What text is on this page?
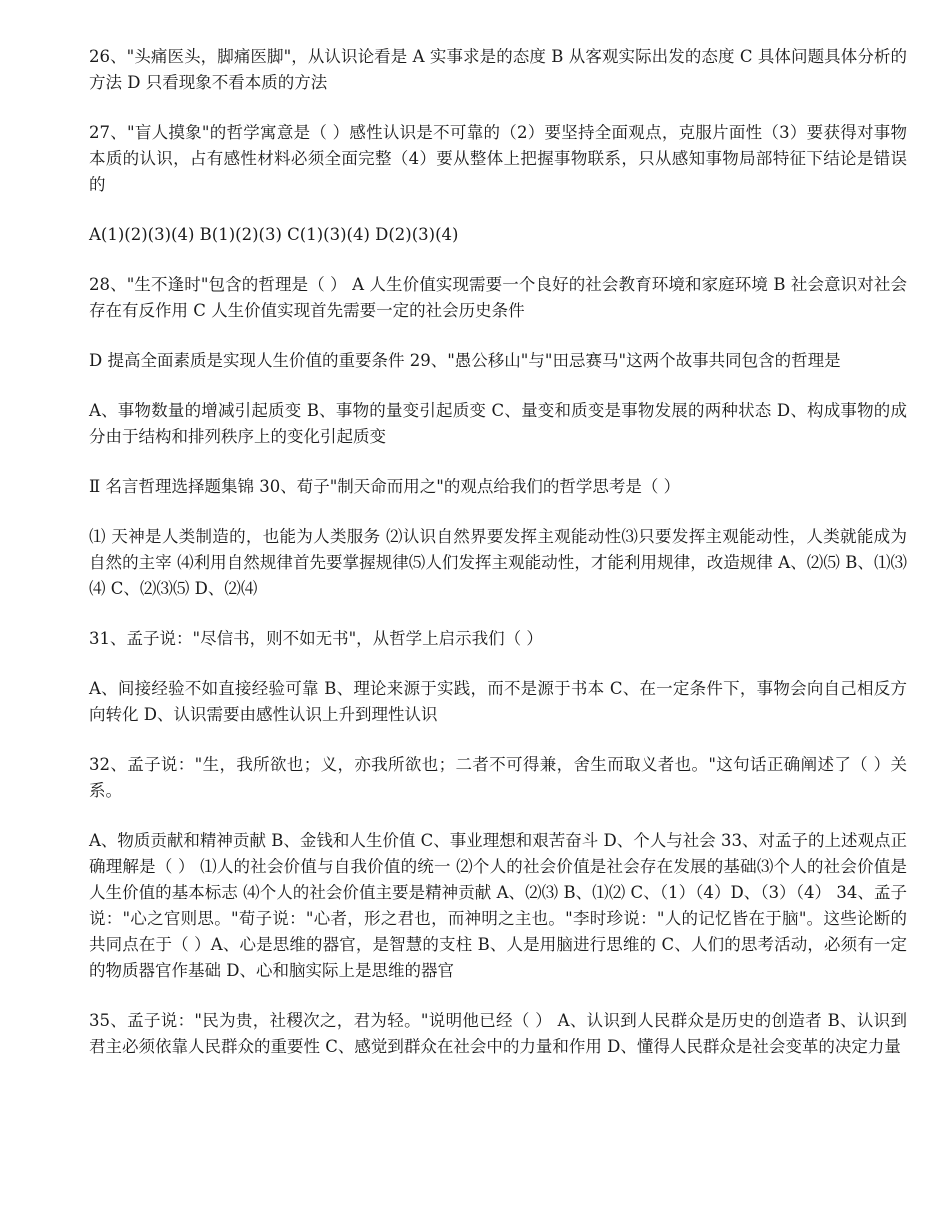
26、"头痛医头，脚痛医脚"，从认识论看是 A 实事求是的态度 B 从客观实际出发的态度 C 具体问题具体分析的方法 D 只看现象不看本质的方法

27、"盲人摸象"的哲学寓意是（ ）感性认识是不可靠的（2）要坚持全面观点，克服片面性（3）要获得对事物本质的认识，占有感性材料必须全面完整（4）要从整体上把握事物联系，只从感知事物局部特征下结论是错误的

A(1)(2)(3)(4) B(1)(2)(3) C(1)(3)(4) D(2)(3)(4)

28、"生不逢时"包含的哲理是（ ） A 人生价值实现需要一个良好的社会教育环境和家庭环境 B 社会意识对社会存在有反作用 C 人生价值实现首先需要一定的社会历史条件

D 提高全面素质是实现人生价值的重要条件 29、"愚公移山"与"田忌赛马"这两个故事共同包含的哲理是

A、事物数量的增减引起质变 B、事物的量变引起质变 C、量变和质变是事物发展的两种状态 D、构成事物的成分由于结构和排列秩序上的变化引起质变

Ⅱ 名言哲理选择题集锦 30、荀子"制天命而用之"的观点给我们的哲学思考是（ ）

⑴ 天神是人类制造的，也能为人类服务 ⑵认识自然界要发挥主观能动性⑶只要发挥主观能动性，人类就能成为自然的主宰 ⑷利用自然规律首先要掌握规律⑸人们发挥主观能动性，才能利用规律，改造规律 A、⑵⑸ B、⑴⑶⑷ C、⑵⑶⑸ D、⑵⑷

31、孟子说："尽信书，则不如无书"，从哲学上启示我们（ ）

A、间接经验不如直接经验可靠 B、理论来源于实践，而不是源于书本 C、在一定条件下，事物会向自己相反方向转化 D、认识需要由感性认识上升到理性认识

32、孟子说："生，我所欲也；义，亦我所欲也；二者不可得兼，舍生而取义者也。"这句话正确阐述了（ ）关系。

A、物质贡献和精神贡献 B、金钱和人生价值 C、事业理想和艰苦奋斗 D、个人与社会 33、对孟子的上述观点正确理解是（ ） ⑴人的社会价值与自我价值的统一 ⑵个人的社会价值是社会存在发展的基础⑶个人的社会价值是人生价值的基本标志 ⑷个人的社会价值主要是精神贡献 A、⑵⑶ B、⑴⑵ C、（1）（4）D、（3）（4） 34、孟子说："心之官则思。"荀子说："心者，形之君也，而神明之主也。"李时珍说："人的记忆皆在于脑"。这些论断的共同点在于（ ）A、心是思维的器官，是智慧的支柱 B、人是用脑进行思维的 C、人们的思考活动，必须有一定的物质器官作基础 D、心和脑实际上是思维的器官

35、孟子说："民为贵，社稷次之，君为轻。"说明他已经（ ） A、认识到人民群众是历史的创造者 B、认识到君主必须依靠人民群众的重要性 C、感觉到群众在社会中的力量和作用 D、懂得人民群众是社会变革的决定力量
